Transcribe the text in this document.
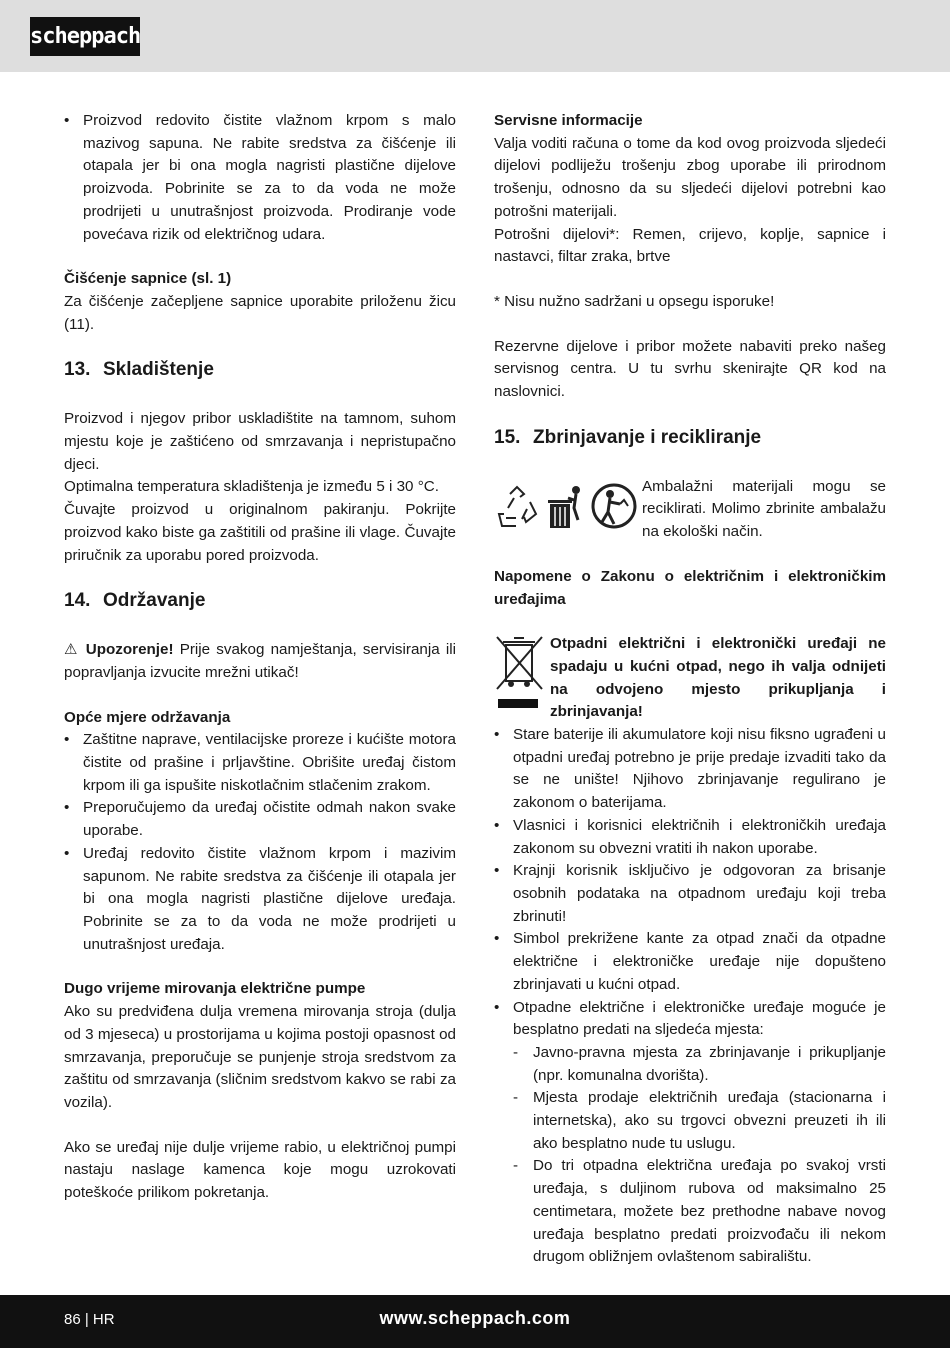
scheppach
• Proizvod redovito čistite vlažnom krpom s malo mazivog sapuna. Ne rabite sredstva za čišćenje ili otapala jer bi ona mogla nagristi plastične dijelove proizvoda. Pobrinite se za to da voda ne može prodrijeti u unutrašnjost proizvoda. Prodiranje vode povećava rizik od električnog udara.

Čišćenje sapnice (sl. 1)

Za čišćenje začepljene sapnice uporabite priloženu žicu (11).

13. Skladištenje

Proizvod i njegov pribor uskladištite na tamnom, suhom mjestu koje je zaštićeno od smrzavanja i nepristupačno djeci.

Optimalna temperatura skladištenja je između 5 i 30 °C.

Čuvajte proizvod u originalnom pakiranju. Pokrijte proizvod kako biste ga zaštitili od prašine ili vlage. Čuvajte priručnik za uporabu pored proizvoda.

14. Održavanje

⚠ Upozorenje! Prije svakog namještanja, servisiranja ili popravljanja izvucite mrežni utikač!

Opće mjere održavanja

• Zaštitne naprave, ventilacijske proreze i kućište motora čistite od prašine i prljavštine. Obrišite uređaj čistom krpom ili ga ispušite niskotlačnim stlačenim zrakom.
• Preporučujemo da uređaj očistite odmah nakon svake uporabe.
• Uređaj redovito čistite vlažnom krpom i mazivim sapunom. Ne rabite sredstva za čišćenje ili otapala jer bi ona mogla nagristi plastične dijelove uređaja. Pobrinite se za to da voda ne može prodrijeti u unutrašnjost uređaja.

Dugo vrijeme mirovanja električne pumpe

Ako su predviđena dulja vremena mirovanja stroja (dulja od 3 mjeseca) u prostorijama u kojima postoji opasnost od smrzavanja, preporučuje se punjenje stroja sredstvom za zaštitu od smrzavanja (sličnim sredstvom kakvo se rabi za vozila).

Ako se uređaj nije dulje vrijeme rabio, u električnoj pumpi nastaju naslage kamenca koje mogu uzrokovati poteškoće prilikom pokretanja.

Servisne informacije

Valja voditi računa o tome da kod ovog proizvoda sljedeći dijelovi podliježu trošenju zbog uporabe ili prirodnom trošenju, odnosno da su sljedeći dijelovi potrebni kao potrošni materijali.

Potrošni dijelovi*: Remen, crijevo, koplje, sapnice i nastavci, filtar zraka, brtve

* Nisu nužno sadržani u opsegu isporuke!

Rezervne dijelove i pribor možete nabaviti preko našeg servisnog centra. U tu svrhu skenirajte QR kod na naslovnici.

15. Zbrinjavanje i recikliranje

Ambalažni materijali mogu se reciklirati. Molimo zbrinite ambalažu na ekološki način.

Napomene o Zakonu o električnim i elektroničkim uređajima

Otpadni električni i elektronički uređaji ne spadaju u kućni otpad, nego ih valja odnijeti na odvojeno mjesto prikupljanja i zbrinjavanja!

• Stare baterije ili akumulatore koji nisu fiksno ugrađeni u otpadni uređaj potrebno je prije predaje izvaditi tako da se ne unište! Njihovo zbrinjavanje regulirano je zakonom o baterijama.
• Vlasnici i korisnici električnih i elektroničkih uređaja zakonom su obvezni vratiti ih nakon uporabe.
• Krajnji korisnik isključivo je odgovoran za brisanje osobnih podataka na otpadnom uređaju koji treba zbrinuti!
• Simbol prekrižene kante za otpad znači da otpadne električne i elektroničke uređaje nije dopušteno zbrinjavati u kućni otpad.
• Otpadne električne i elektroničke uređaje moguće je besplatno predati na sljedeća mjesta:
- Javno-pravna mjesta za zbrinjavanje i prikupljanje (npr. komunalna dvorišta).
- Mjesta prodaje električnih uređaja (stacionarna i internetska), ako su trgovci obvezni preuzeti ih ili ako besplatno nude tu uslugu.
- Do tri otpadna električna uređaja po svakoj vrsti uređaja, s duljinom rubova od maksimalno 25 centimetara, možete bez prethodne nabave novog uređaja besplatno predati proizvođaču ili nekom drugom obližnjem ovlaštenom sabiralištu.
86 | HR	www.scheppach.com
